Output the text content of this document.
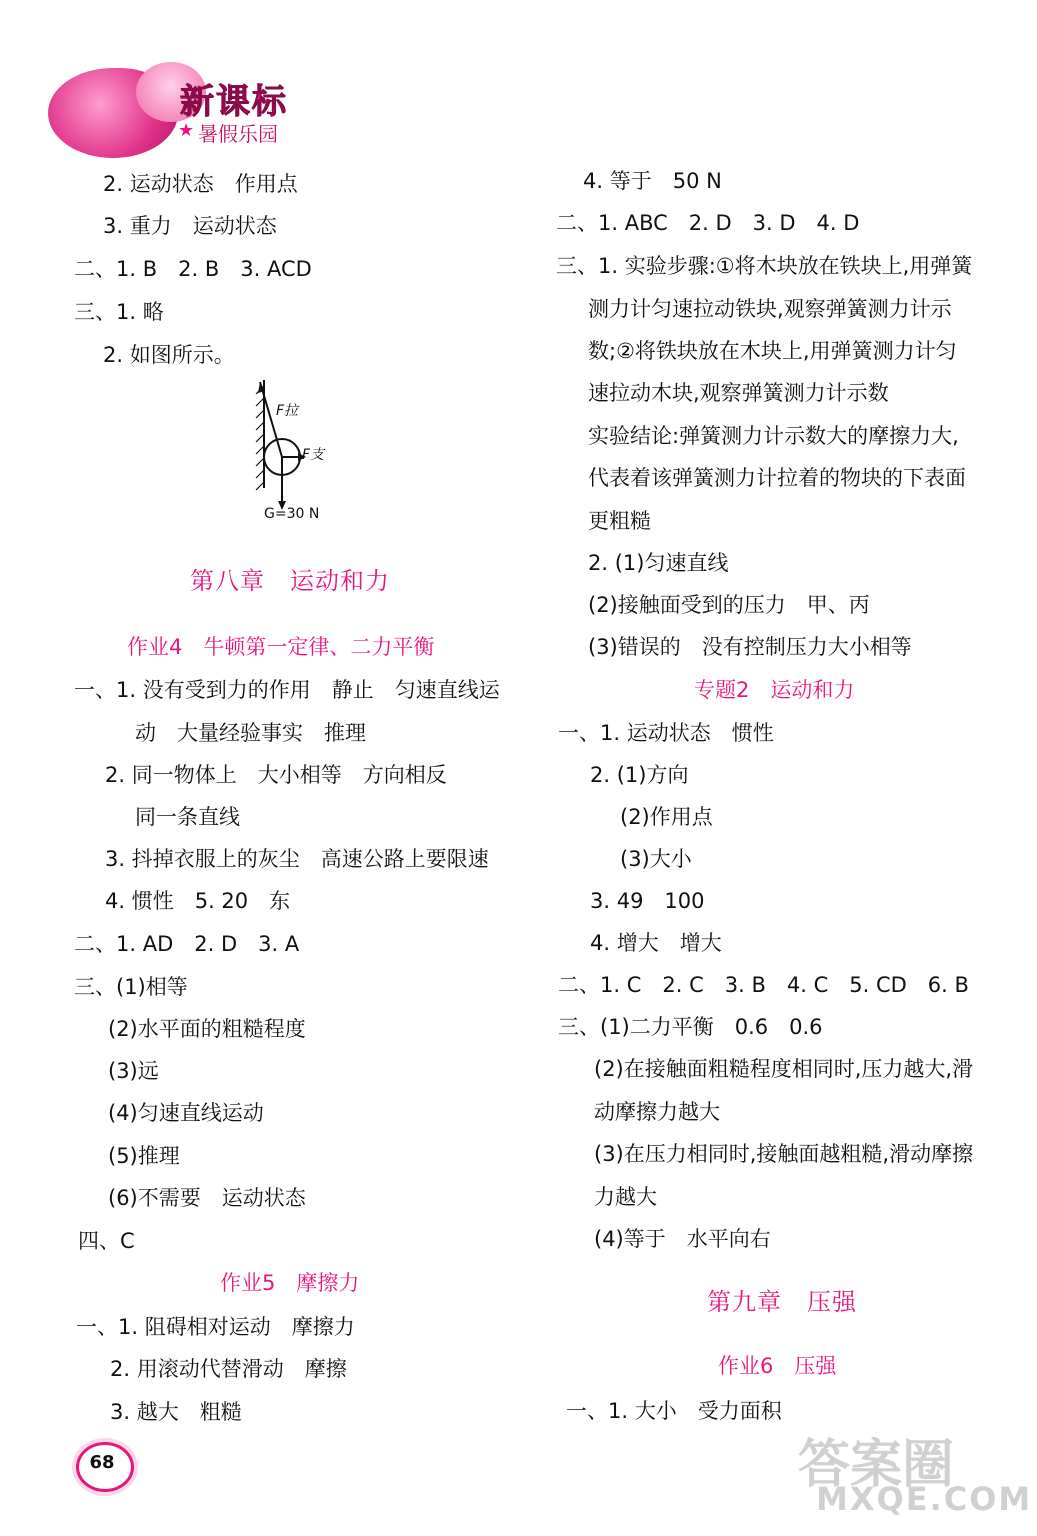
新课标
★ 暑假乐园
2. 运动状态　作用点
3. 重力　运动状态
二、1. B　2. B　3. ACD
三、1. 略
2. 如图所示。
F拉
F支
G=30 N
第八章　运动和力
作业4　牛顿第一定律、二力平衡
一、1. 没有受到力的作用　静止　匀速直线运
动　大量经验事实　推理
2. 同一物体上　大小相等　方向相反
同一条直线
3. 抖掉衣服上的灰尘　高速公路上要限速
4. 惯性　5. 20　东
二、1. AD　2. D　3. A
三、(1)相等
(2)水平面的粗糙程度
(3)远
(4)匀速直线运动
(5)推理
(6)不需要　运动状态
四、C
作业5　摩擦力
一、1. 阻碍相对运动　摩擦力
2. 用滚动代替滑动　摩擦
3. 越大　粗糙
4. 等于　50 N
二、1. ABC　2. D　3. D　4. D
三、1. 实验步骤:①将木块放在铁块上,用弹簧
测力计匀速拉动铁块,观察弹簧测力计示
数;②将铁块放在木块上,用弹簧测力计匀
速拉动木块,观察弹簧测力计示数
实验结论:弹簧测力计示数大的摩擦力大,
代表着该弹簧测力计拉着的物块的下表面
更粗糙
2. (1)匀速直线
(2)接触面受到的压力　甲、丙
(3)错误的　没有控制压力大小相等
专题2　运动和力
一、1. 运动状态　惯性
2. (1)方向
(2)作用点
(3)大小
3. 49　100
4. 增大　增大
二、1. C　2. C　3. B　4. C　5. CD　6. B
三、(1)二力平衡　0.6　0.6
(2)在接触面粗糙程度相同时,压力越大,滑
动摩擦力越大
(3)在压力相同时,接触面越粗糙,滑动摩擦
力越大
(4)等于　水平向右
第九章　压强
作业6　压强
一、1. 大小　受力面积
68	答案圈
MXQE.COM
